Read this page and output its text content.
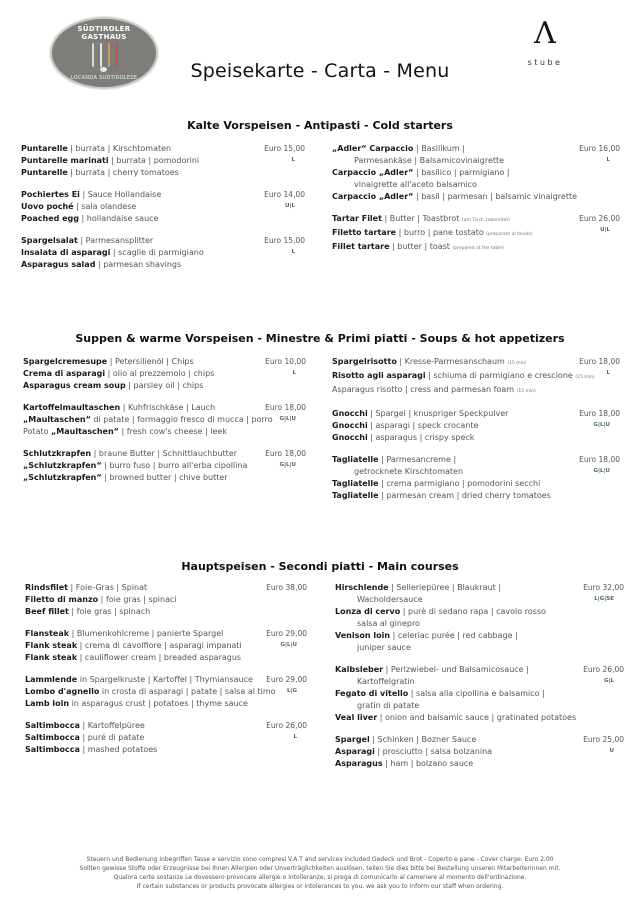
SÜDTIROLER
GASTHAUS
LOCANDA SUDTIROLESE	Speisekarte - Carta - Menu
Λ
stube
Kalte Vorspeisen - Antipasti - Cold starters
Suppen & warme Vorspeisen - Minestre & Primi piatti - Soups & hot appetizers
Hauptspeisen - Secondi piatti - Main courses
Puntarelle | burrata | Kirschtomaten
Puntarelle marinati | burrata | pomodorini
Puntarelle | burrata | cherry tomatoes
Euro 15,00
L
Pochiertes Ei | Sauce Hollandaise
Uovo poché | sala olandese
Poached egg | hollandaise sauce
Euro 14,00
U|L
Spargelsalat | Parmesansplitter
Insalata di asparagi | scaglie di parmigiano
Asparagus salad | parmesan shavings
Euro 15,00
L
„Adler“ Carpaccio | Basilikum |
Parmesankäse | Balsamicovinaigrette
Carpaccio „Adler“ | basilico | parmigiano |
vinaigrette all'aceto balsamico
Carpaccio „Adler“ | basil | parmesan | balsamic vinaigrette
Euro 16,00
L
Tartar Filet | Butter | Toastbrot (am Tisch zubereitet)
Filetto tartare | burro | pane tostato (preparato al tavolo)
Fillet tartare | butter | toast (prepared at the table)
Euro 26,00
U|L
Spargelcremesupe | Petersilienöl | Chips
Crema di asparagi | olio al prezzemolo | chips
Asparagus cream soup | parsley oil | chips
Euro 10,00
L
Kartoffelmaultaschen | Kuhfrischkäse | Lauch
„Maultaschen“ di patate | formaggio fresco di mucca | porro
Potato „Maultaschen“ | fresh cow's cheese | leek
Euro 18,00
G|L|U
Schlutzkrapfen | braune Butter | Schnittlauchbutter
„Schlutzkrapfen“ | burro fuso | burro all'erba cipollina
„Schlutzkrapfen“ | browned butter | chive butter
Euro 18,00
G|L|U
Spargelrisotto | Kresse-Parmesanschaum (15 min)
Risotto agli asparagi | schiuma di parmigiano e crescione (15 min)
Asparagus risotto | cress and parmesan foam (15 min)
Euro 18,00
L
Gnocchi | Spargel | knuspriger Speckpulver
Gnocchi | asparagi | speck crocante
Gnocchi | asparagus | crispy speck
Euro 18,00
G|L|U
Tagliatelle | Parmesancreme |
getrocknete Kirschtomaten
Tagliatelle | crema parmigiano | pomodorini secchi
Tagliatelle | parmesan cream | dried cherry tomatoes
Euro 18,00
G|L|U
Rindsfilet | Foie-Gras | Spinat
Filetto di manzo | foie gras | spinaci
Beef fillet | foie gras | spinach
Euro 38,00
Flansteak | Blumenkohlcreme | panierte Spargel
Flank steak | crema di cavolfiore | asparagi impanati
Flank steak | cauliflower cream | breaded asparagus
Euro 29,00
G|L|U
Lammlende in Spargelkruste | Kartoffel | Thymiansauce
Lombo d'agnello in crosta di asparagi | patate | salsa al timo
Lamb loin in asparagus crust | potatoes | thyme sauce
Euro 29,00
L|G
Saltimbocca | Kartoffelpüree
Saltimbocca | puré di patate
Saltimbocca | mashed potatoes
Euro 26,00
L
Hirschlende | Selleriepüree | Blaukraut |
Wacholdersauce
Lonza di cervo | purè di sedano rapa | cavolo rosso
salsa al ginepro
Venison loin | celeriac purée | red cabbage |
juniper sauce
Euro 32,00
L|G|SE
Kalbsleber | Perlzwiebel- und Balsamicosauce |
Kartoffelgratin
Fegato di vitello | salsa alla cipollina e balsamico |
gratin di patate
Veal liver | onion and balsamic sauce | gratinated potatoes
Euro 26,00
G|L
Spargel | Schinken | Bozner Sauce
Asparagi | prosciutto | salsa bolzanina
Asparagus | ham | bolzano sauce
Euro 25,00
U
Steuern und Bedienung inbegriffen Tasse e servizio sono compresi V.A.T and services included Gedeck und Brot - Coperto e pane - Cover charge: Euro 2,00
Sollten gewisse Stoffe oder Erzeugnisse bei Ihnen Allergien oder Unverträglichkeiten auslösen, teilen Sie dies bitte bei Bestellung unseren Mitarbeiterinnen mit.
Qualora certe sostanze Le dovessero provocare allergie o intolleranze, si prega di comunicarlo al cameriere al momento dell'ordinazione.
If certain substances or products provocate allergies or intolerances to you, we ask you to inform our staff when ordering.
